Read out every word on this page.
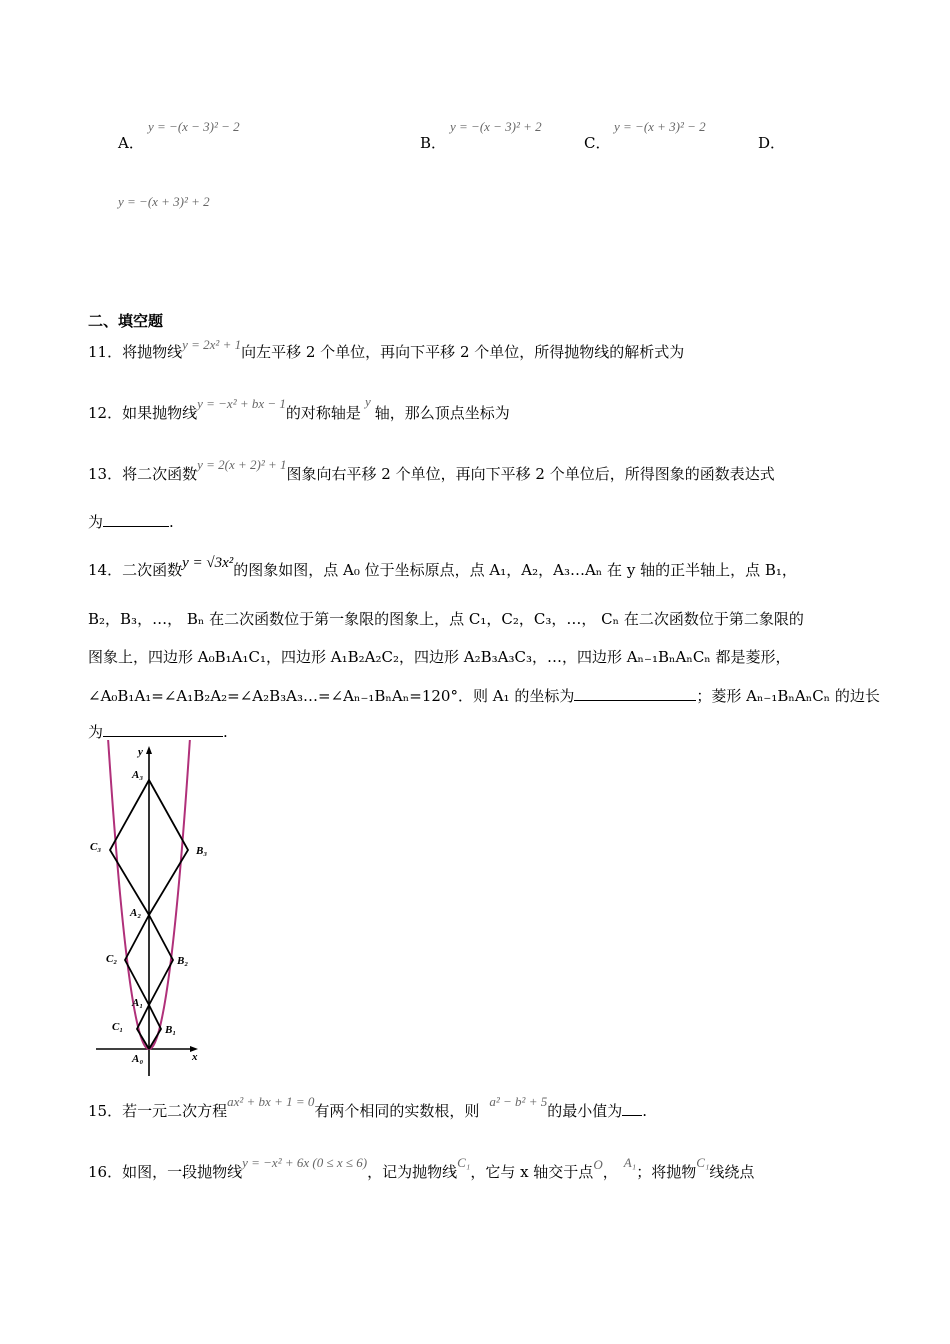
A．
y = −(x − 3)² − 2
B．
y = −(x − 3)² + 2
C．
y = −(x + 3)² − 2
D．
y = −(x + 3)² + 2
二、填空题
11．将抛物线y = 2x² + 1向左平移 2 个单位，再向下平移 2 个单位，所得抛物线的解析式为
12．如果抛物线y = −x² + bx − 1的对称轴是y轴，那么顶点坐标为
13．将二次函数y = 2(x + 2)² + 1图象向右平移 2 个单位，再向下平移 2 个单位后，所得图象的函数表达式
为	.
14．二次函数y = √3x²的图象如图，点 A₀ 位于坐标原点，点 A₁，A₂，A₃…Aₙ 在 y 轴的正半轴上，点 B₁，
B₂，B₃，…， Bₙ 在二次函数位于第一象限的图象上，点 C₁，C₂，C₃，…， Cₙ 在二次函数位于第二象限的
图象上，四边形 A₀B₁A₁C₁，四边形 A₁B₂A₂C₂，四边形 A₂B₃A₃C₃，…，四边形 Aₙ₋₁BₙAₙCₙ 都是菱形，
∠A₀B₁A₁=∠A₁B₂A₂=∠A₂B₃A₃…=∠Aₙ₋₁BₙAₙ=120°．则 A₁ 的坐标为	；菱形 Aₙ₋₁BₙAₙCₙ 的边长
为	.
y
x
A₃
A₂
A₁
A₀
B₃
B₂
B₁
C₃
C₂
C₁
15．若一元二次方程ax² + bx + 1 = 0有两个相同的实数根，则a² − b² + 5的最小值为 .
16．如图，一段抛物线y = −x² + 6x (0 ≤ x ≤ 6)，记为抛物线C₁，它与 x 轴交于点O，A₁；将抛物C₁线绕点
